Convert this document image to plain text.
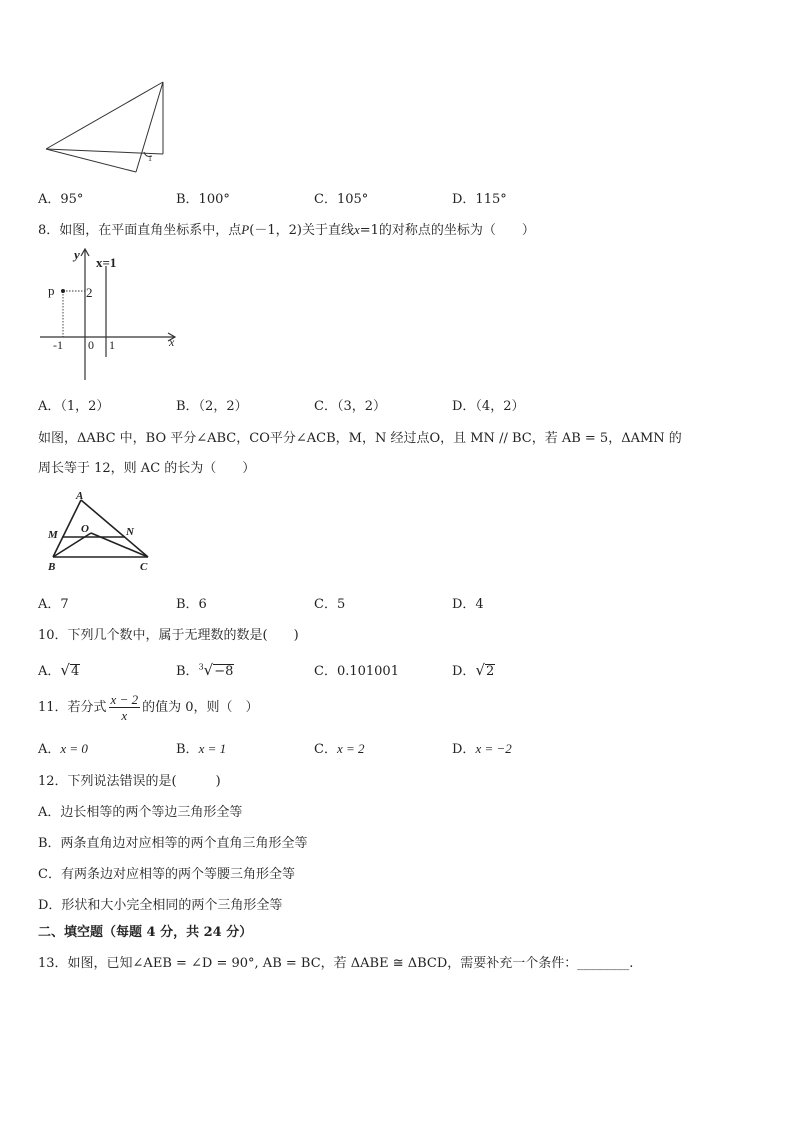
1
A．95°	B．100°	C．105°	D．115°
8．如图，在平面直角坐标系中，点P(－1，2)关于直线x=1的对称点的坐标为（　　）
y
x=1
p 2
-1 0 1	x
A．（1，2）	B．（2，2）	C．（3，2）	D．（4，2）
如图，ΔABC 中，BO 平分∠ABC，CO平分∠ACB，M，N 经过点O，且 MN // BC，若 AB = 5，ΔAMN 的
周长等于 12，则 AC 的长为（　　）
A
M O	N
B	C
A．7	B．6	C．5	D．4
10．下列几个数中，属于无理数的数是(　　)
A．√4	B．$^3$√−8	C．0.101001	D．√2
11．若分式 $\frac{x - 2}{x}$ 的值为 0，则（　）
A．x = 0	B．x = 1	C．x = 2	D．x = −2
12．下列说法错误的是(　　　)
A．边长相等的两个等边三角形全等
B．两条直角边对应相等的两个直角三角形全等
C．有两条边对应相等的两个等腰三角形全等
D．形状和大小完全相同的两个三角形全等
二、填空题（每题 4 分，共 24 分）
13．如图，已知∠AEB = ∠D = 90°, AB = BC，若 ΔABE ≅ ΔBCD，需要补充一个条件：________.
